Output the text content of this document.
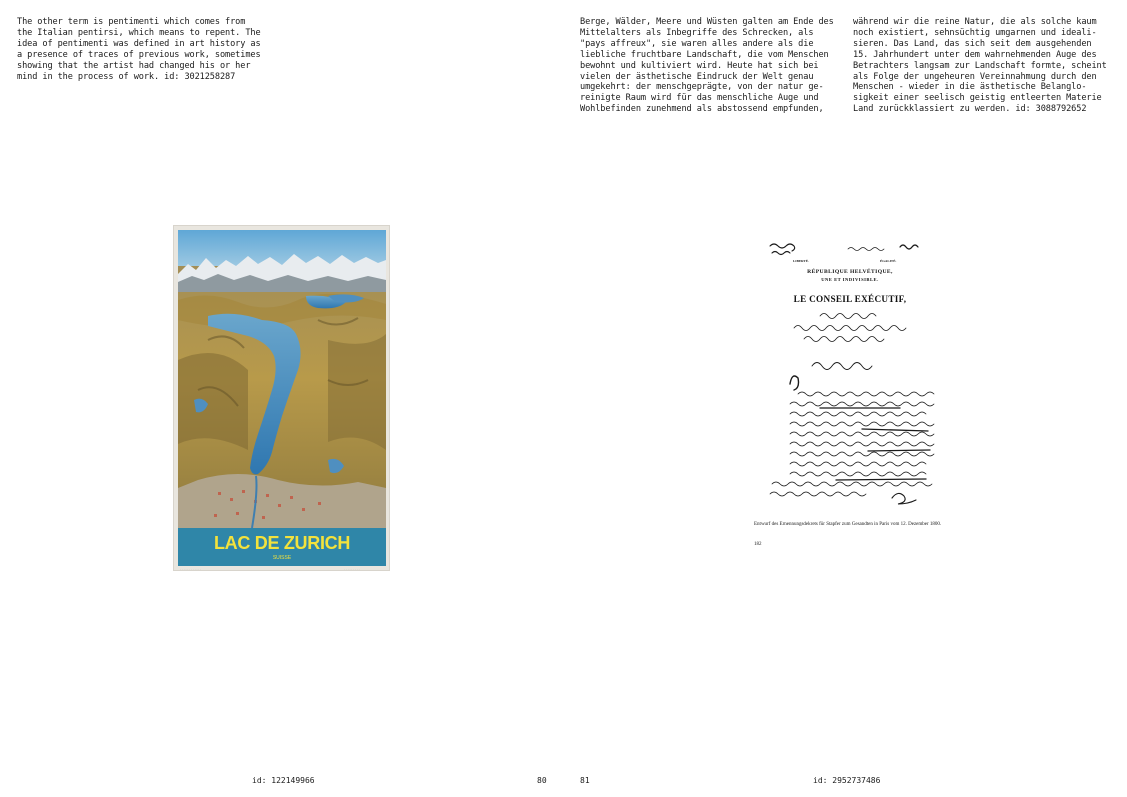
The other term is pentimenti which comes from
the Italian pentirsi, which means to repent. The
idea of pentimenti was defined in art history as
a presence of traces of previous work, sometimes
showing that the artist had changed his or her
mind in the process of work. id: 3021258287
LAC DE ZURICH
SUISSE
· · · · · · · · · · · ·	· · · · · · · · ·
id: 122149966	80
Berge, Wälder, Meere und Wüsten galten am Ende des
Mittelalters als Inbegriffe des Schrecken, als
"pays affreux", sie waren alles andere als die
liebliche fruchtbare Landschaft, die vom Menschen
bewohnt und kultiviert wird. Heute hat sich bei
vielen der ästhetische Eindruck der Welt genau
umgekehrt: der menschgeprägte, von der natur ge-
reinigte Raum wird für das menschliche Auge und
Wohlbefinden zunehmend als abstossend empfunden,
während wir die reine Natur, die als solche kaum
noch existiert, sehnsüchtig umgarnen und ideali-
sieren. Das Land, das sich seit dem ausgehenden
15. Jahrhundert unter dem wahrnehmenden Auge des
Betrachters langsam zur Landschaft formte, scheint
als Folge der ungeheuren Vereinnahmung durch den
Menschen - wieder in die ästhetische Belanglo-
sigkeit einer seelisch geistig entleerten Materie
Land zurückklassiert zu werden. id: 3088792652
LIBERTÉ.	ÉGALITÉ.
RÉPUBLIQUE HELVÉTIQUE,
UNE ET INDIVISIBLE.
LE CONSEIL EXÉCUTIF,
Entwurf des Ernennungsdekrets für Stapfer zum Gesandten in Paris vom 12. Dezember 1800.
182
81	id: 2952737486
